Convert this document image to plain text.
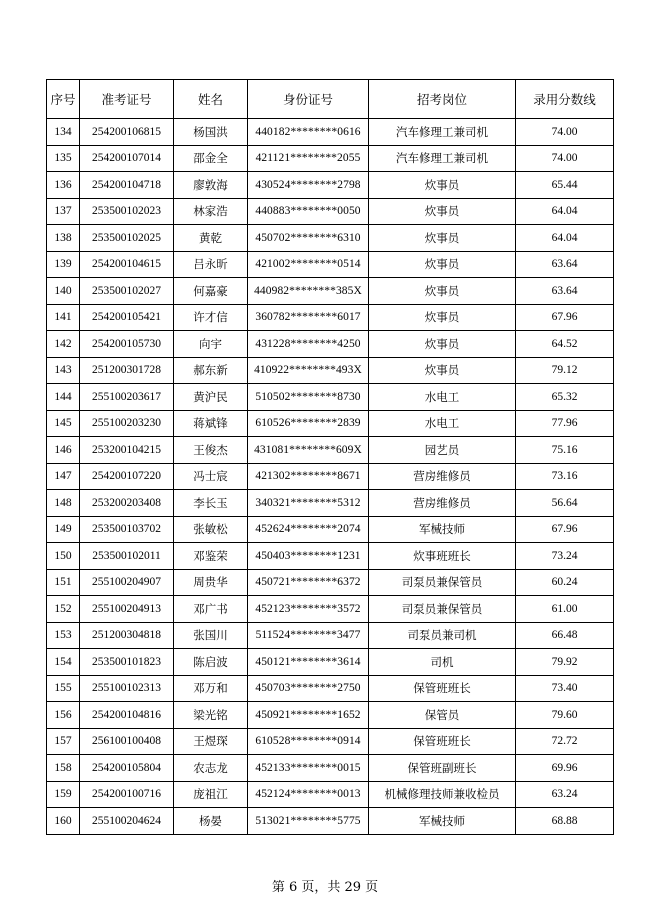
序号	准考证号	姓名	身份证号	招考岗位	录用分数线
134	254200106815	杨国洪	440182********0616	汽车修理工兼司机	74.00
135	254200107014	邵金全	421121********2055	汽车修理工兼司机	74.00
136	254200104718	廖敦海	430524********2798	炊事员	65.44
137	253500102023	林家浩	440883********0050	炊事员	64.04
138	253500102025	黄乾	450702********6310	炊事员	64.04
139	254200104615	吕永昕	421002********0514	炊事员	63.64
140	253500102027	何嘉豪	440982********385X	炊事员	63.64
141	254200105421	许才信	360782********6017	炊事员	67.96
142	254200105730	向宇	431228********4250	炊事员	64.52
143	251200301728	郝东新	410922********493X	炊事员	79.12
144	255100203617	黄沪民	510502********8730	水电工	65.32
145	255100203230	蒋斌锋	610526********2839	水电工	77.96
146	253200104215	王俊杰	431081********609X	园艺员	75.16
147	254200107220	冯士宸	421302********8671	营房维修员	73.16
148	253200203408	李长玉	340321********5312	营房维修员	56.64
149	253500103702	张敏松	452624********2074	军械技师	67.96
150	253500102011	邓鉴荣	450403********1231	炊事班班长	73.24
151	255100204907	周贵华	450721********6372	司泵员兼保管员	60.24
152	255100204913	邓广书	452123********3572	司泵员兼保管员	61.00
153	251200304818	张国川	511524********3477	司泵员兼司机	66.48
154	253500101823	陈启波	450121********3614	司机	79.92
155	255100102313	邓万和	450703********2750	保管班班长	73.40
156	254200104816	梁光铭	450921********1652	保管员	79.60
157	256100100408	王煜琛	610528********0914	保管班班长	72.72
158	254200105804	农志龙	452133********0015	保管班副班长	69.96
159	254200100716	庞祖江	452124********0013	机械修理技师兼收检员	63.24
160	255100204624	杨晏	513021********5775	军械技师	68.88
第 6 页，共 29 页
